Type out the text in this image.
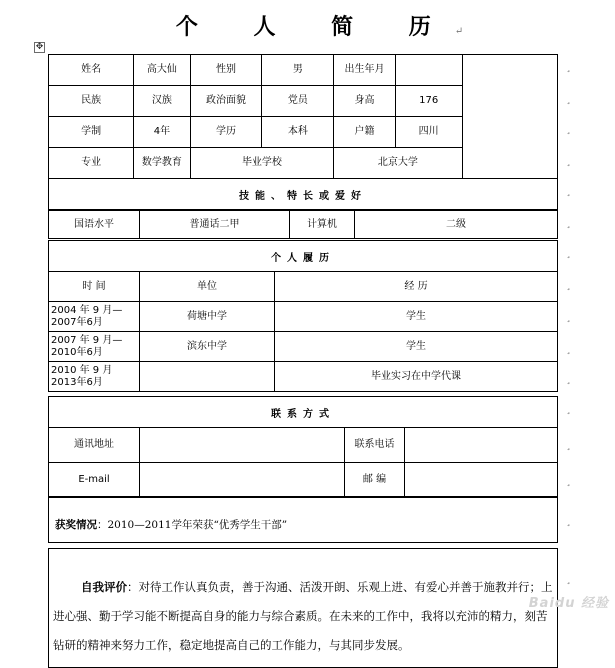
个 人 简 历↵
✥
姓名	高大仙	性别	男	出生年月		
民族	汉族	政治面貌	党员	身高	176	
学制	4年	学历	本科	户籍	四川	
专业	数学教育	毕业学校		北京大学		
技能、特长或爱好
国语水平	普通话二甲	计算机	二级
个人履历
时 间	单位	经 历
2004 年 9 月—2007年6月	荷塘中学	学生
2007 年 9 月—2010年6月	滨东中学	学生
2010 年 9 月 2013年6月		毕业实习在中学代课
联系方式
通讯地址		联系电话	
E-mail		邮 编	
获奖情况：2010—2011学年荣获“优秀学生干部”
自我评价：对待工作认真负责，善于沟通、活泼开朗、乐观上进、有爱心并善于施教并行；上进心强、勤于学习能不断提高自身的能力与综合素质。在未来的工作中，我将以充沛的精力，刻苦钻研的精神来努力工作，稳定地提高自己的工作能力，与其同步发展。
¸
¸
¸
¸
¸
¸
¸
¸
¸
¸
¸
¸
¸
¸
¸
¸
Baidu 经验
